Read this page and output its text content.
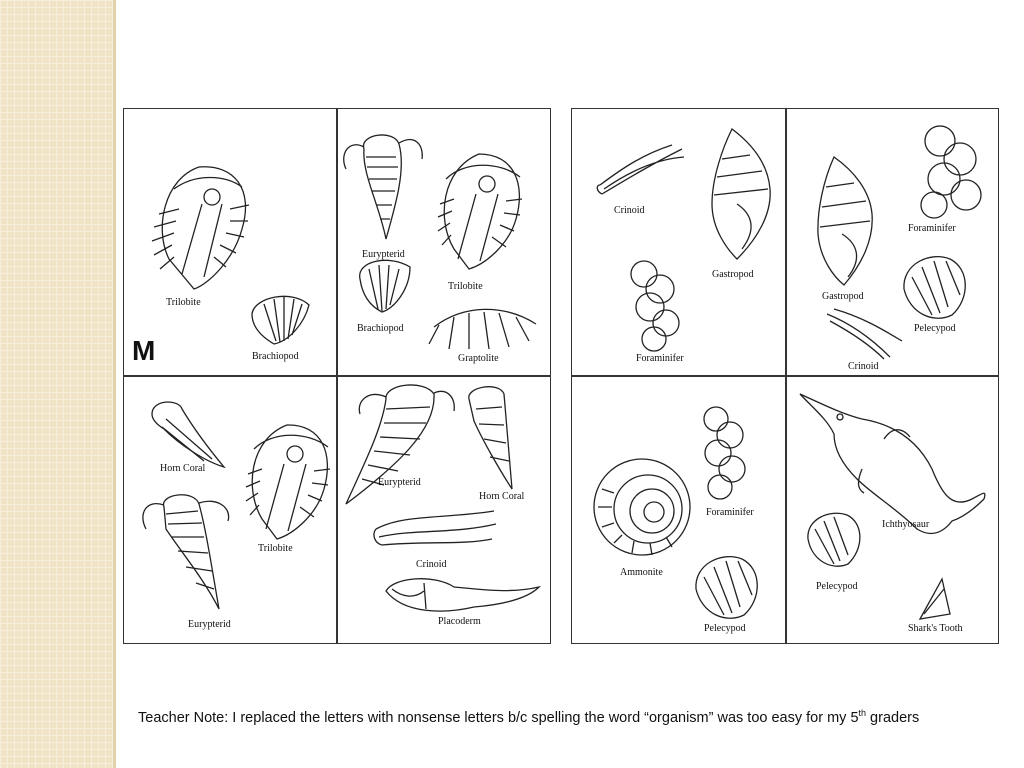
M
Trilobite
Brachiopod
Eurypterid
Trilobite
Brachiopod
Graptolite
Horn Coral
Trilobite
Eurypterid
Eurypterid
Horn Coral
Crinoid
Placoderm
Crinoid
Gastropod
Foraminifer
Gastropod
Foraminifer
Pelecypod
Crinoid
Ammonite
Foraminifer
Pelecypod
Ichthyosaur
Pelecypod
Shark's Tooth
Teacher Note: I replaced the letters with nonsense letters b/c spelling the word “organism” was too easy for my 5th graders
